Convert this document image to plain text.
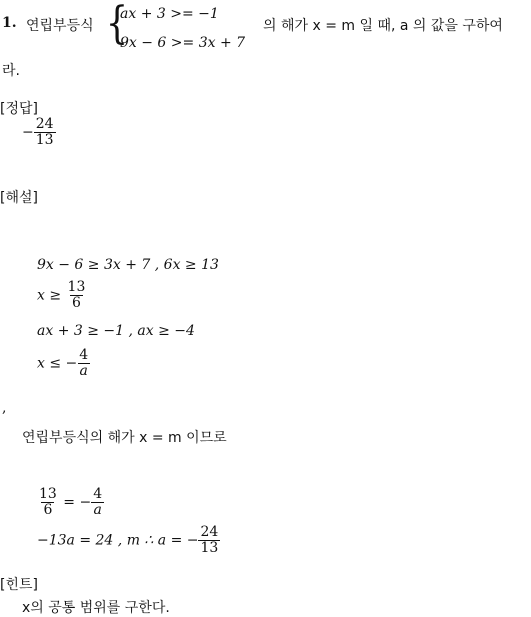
1. 연립부등식 {
ax + 3 >= −1
9x − 6 >= 3x + 7
의 해가 x = m 일 때, a 의 값을 구하여
라.
[정답]
− $\frac{24}{13}$
[해설]
9x − 6 ≥ 3x + 7 , 6x ≥ 13
$x \ge \frac{13}{6}$
ax + 3 ≥ −1 , ax ≥ −4
x ≤ − $\frac{4}{a}$
,
연립부등식의 해가 x = m 이므로
$\frac{13}{6}$ = − $\frac{4}{a}$
−13a = 24 , m ∴ a = − $\frac{24}{13}$
[힌트]
x의 공통 범위를 구한다.
